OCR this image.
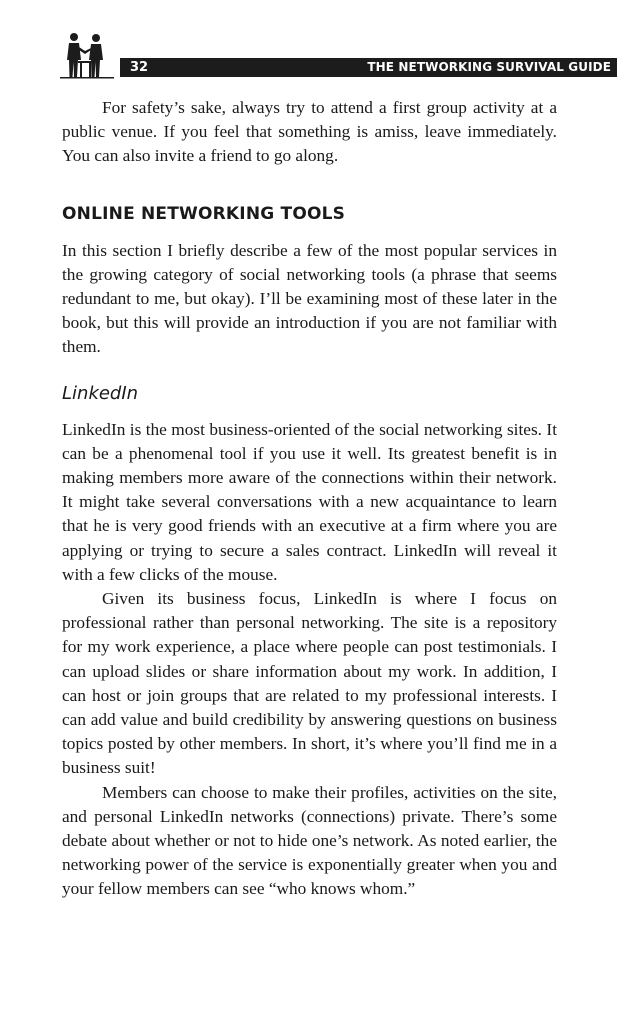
32	THE NETWORKING SURVIVAL GUIDE

For safety’s sake, always try to attend a first group activity at a public venue. If you feel that something is amiss, leave immediately. You can also invite a friend to go along.

ONLINE NETWORKING TOOLS

In this section I briefly describe a few of the most popular services in the growing category of social networking tools (a phrase that seems redundant to me, but okay). I’ll be examining most of these later in the book, but this will provide an introduction if you are not familiar with them.

LinkedIn

LinkedIn is the most business-oriented of the social networking sites. It can be a phenomenal tool if you use it well. Its greatest benefit is in making members more aware of the connections within their network. It might take several conversations with a new acquaintance to learn that he is very good friends with an executive at a firm where you are applying or trying to secure a sales contract. LinkedIn will reveal it with a few clicks of the mouse.

Given its business focus, LinkedIn is where I focus on professional rather than personal networking. The site is a repository for my work experience, a place where people can post testimonials. I can upload slides or share information about my work. In addition, I can host or join groups that are related to my professional interests. I can add value and build credibility by answering questions on business topics posted by other members. In short, it’s where you’ll find me in a business suit!

Members can choose to make their profiles, activities on the site, and personal LinkedIn networks (connections) private. There’s some debate about whether or not to hide one’s network. As noted earlier, the networking power of the service is exponentially greater when you and your fellow members can see “who knows whom.”
